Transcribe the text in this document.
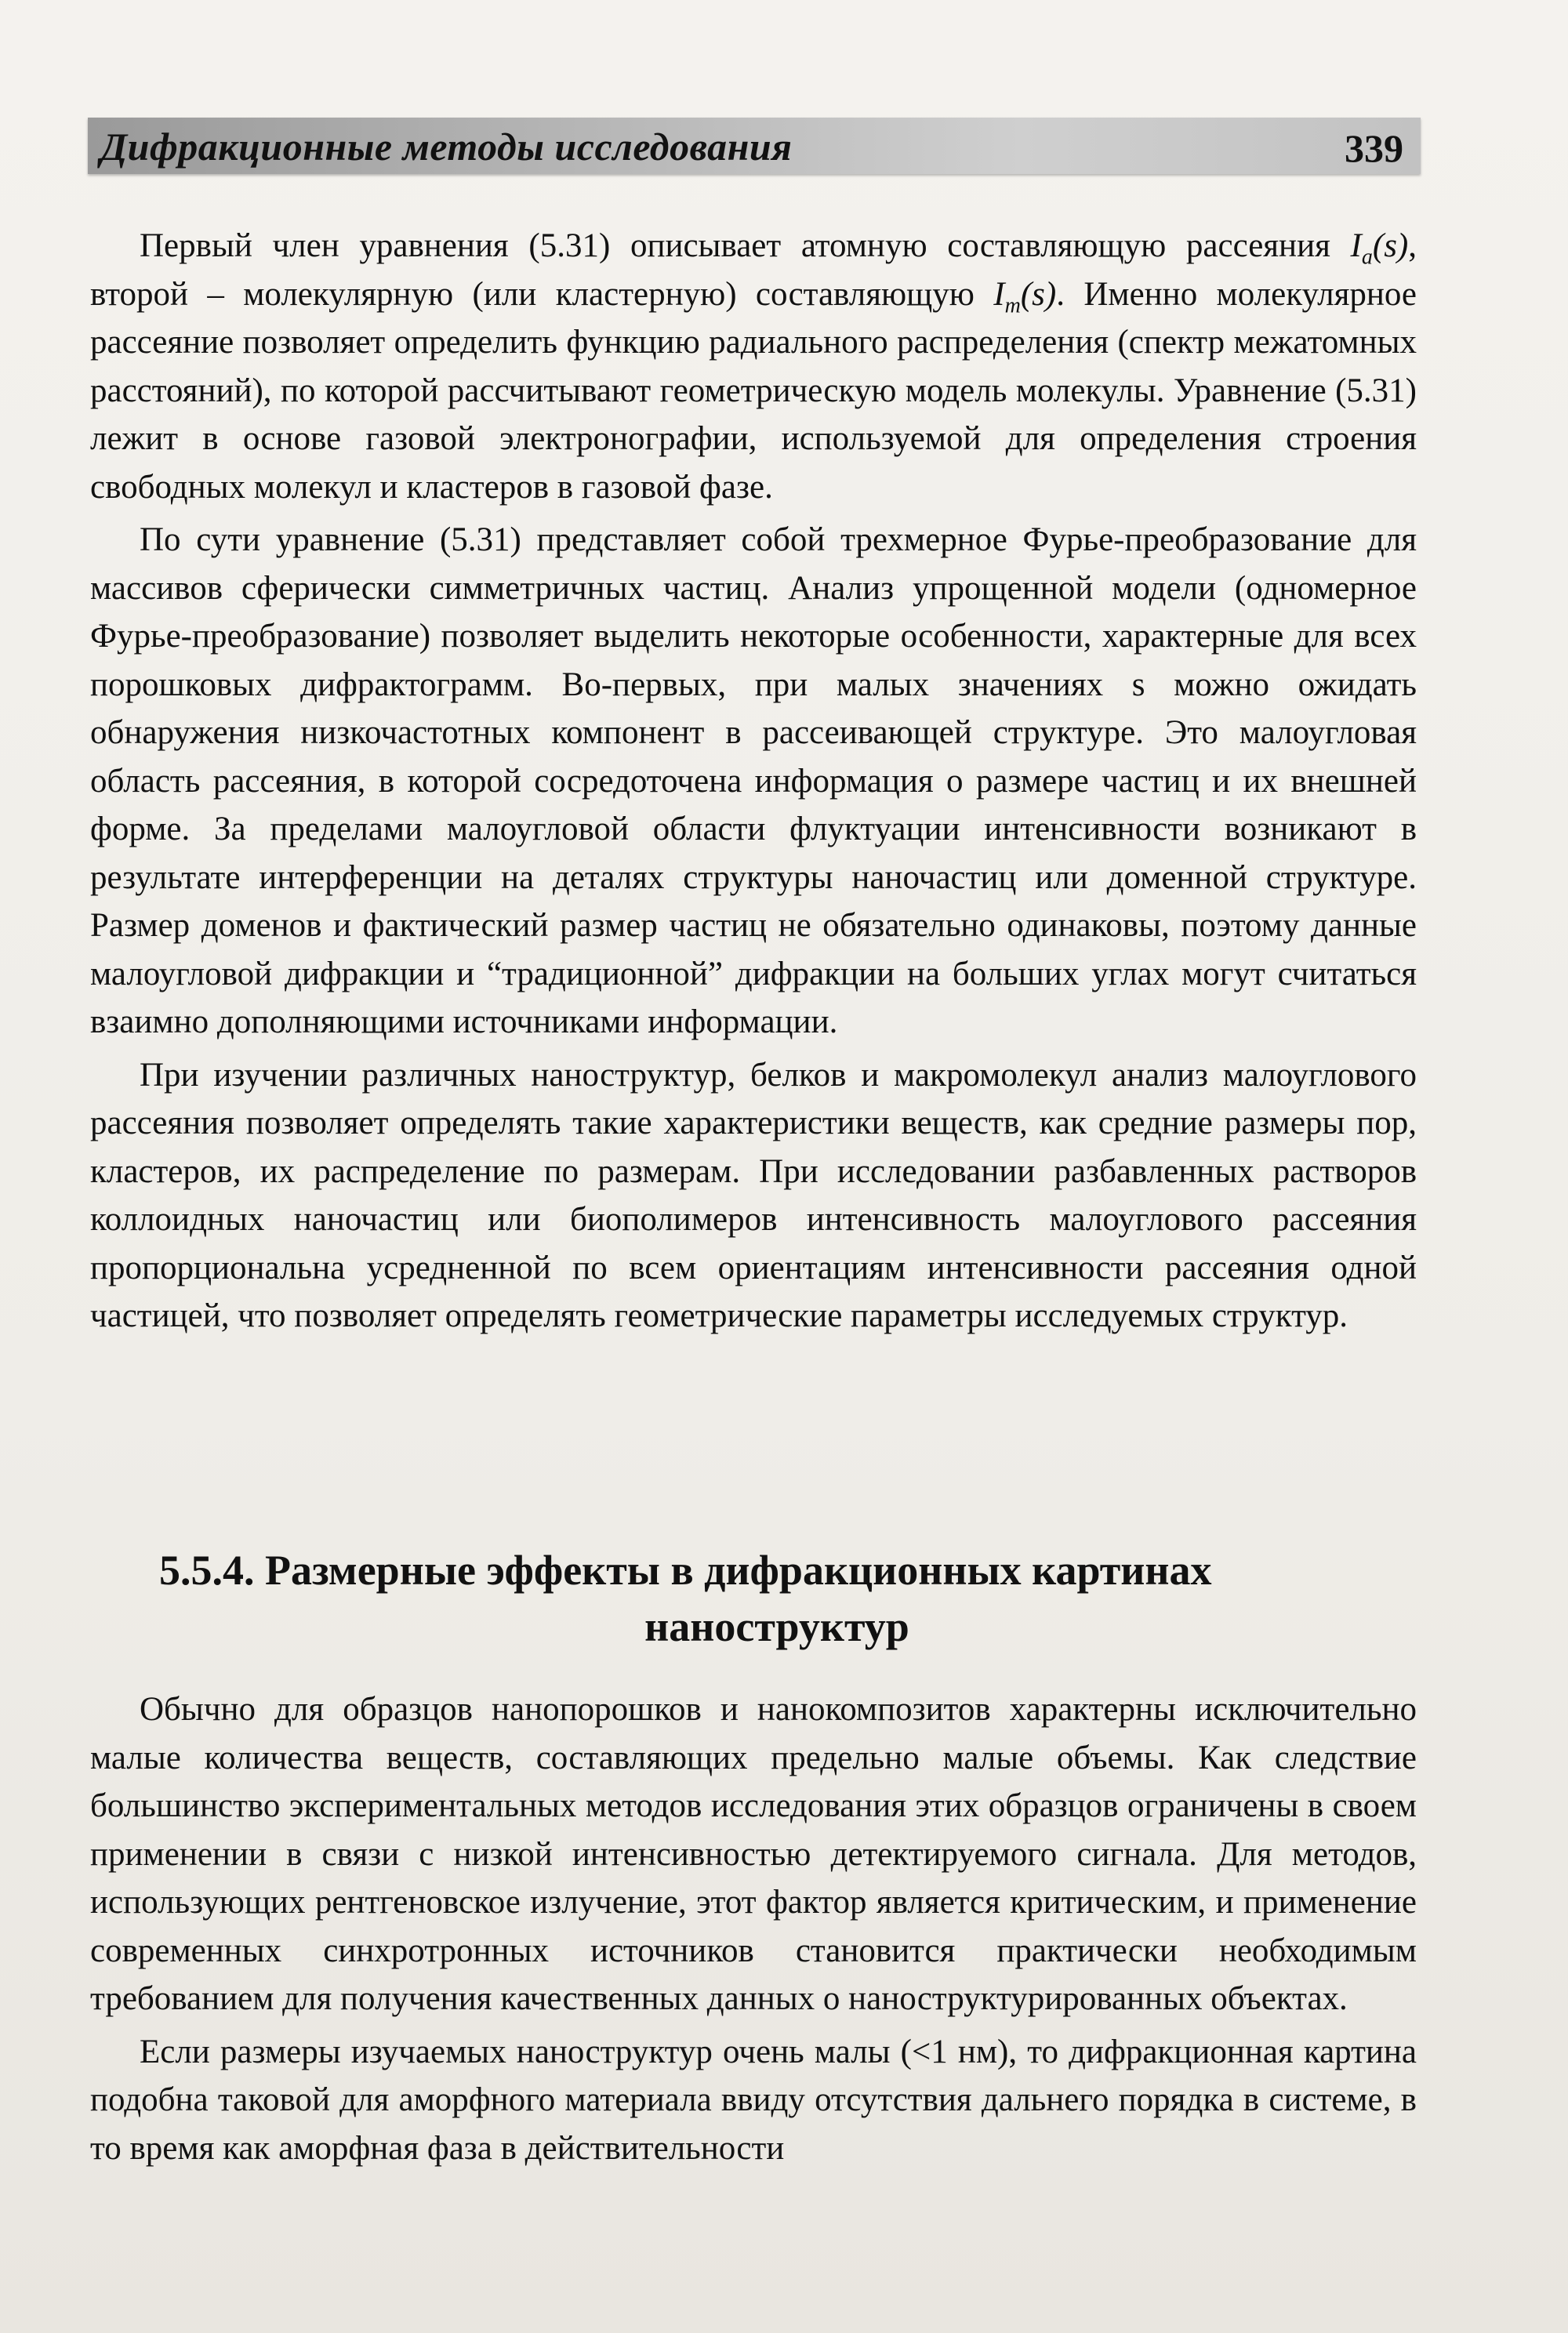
Дифракционные методы исследования	339

Первый член уравнения (5.31) описывает атомную составляющую рассеяния $I_a(s)$, второй – молекулярную (или кластерную) составляющую $I_m(s)$. Именно молекулярное рассеяние позволяет определить функцию радиального распределения (спектр межатомных расстояний), по которой рассчитывают геометрическую модель молекулы. Уравнение (5.31) лежит в основе газовой электронографии, используемой для определения строения свободных молекул и кластеров в газовой фазе.

По сути уравнение (5.31) представляет собой трехмерное Фурье-преобразование для массивов сферически симметричных частиц. Анализ упрощенной модели (одномерное Фурье-преобразование) позволяет выделить некоторые особенности, характерные для всех порошковых дифрактограмм. Во-первых, при малых значениях s можно ожидать обнаружения низкочастотных компонент в рассеивающей структуре. Это малоугловая область рассеяния, в которой сосредоточена информация о размере частиц и их внешней форме. За пределами малоугловой области флуктуации интенсивности возникают в результате интерференции на деталях структуры наночастиц или доменной структуре. Размер доменов и фактический размер частиц не обязательно одинаковы, поэтому данные малоугловой дифракции и “традиционной” дифракции на больших углах могут считаться взаимно дополняющими источниками информации.

При изучении различных наноструктур, белков и макромолекул анализ малоуглового рассеяния позволяет определять такие характеристики веществ, как средние размеры пор, кластеров, их распределение по размерам. При исследовании разбавленных растворов коллоидных наночастиц или биополимеров интенсивность малоуглового рассеяния пропорциональна усредненной по всем ориентациям интенсивности рассеяния одной частицей, что позволяет определять геометрические параметры исследуемых структур.

5.5.4. Размерные эффекты в дифракционных картинах
наноструктур

Обычно для образцов нанопорошков и нанокомпозитов характерны исключительно малые количества веществ, составляющих предельно малые объемы. Как следствие большинство экспериментальных методов исследования этих образцов ограничены в своем применении в связи с низкой интенсивностью детектируемого сигнала. Для методов, использующих рентгеновское излучение, этот фактор является критическим, и применение современных синхротронных источников становится практически необходимым требованием для получения качественных данных о наноструктурированных объектах.

Если размеры изучаемых наноструктур очень малы (<1 нм), то дифракционная картина подобна таковой для аморфного материала ввиду отсутствия дальнего порядка в системе, в то время как аморфная фаза в действительности
